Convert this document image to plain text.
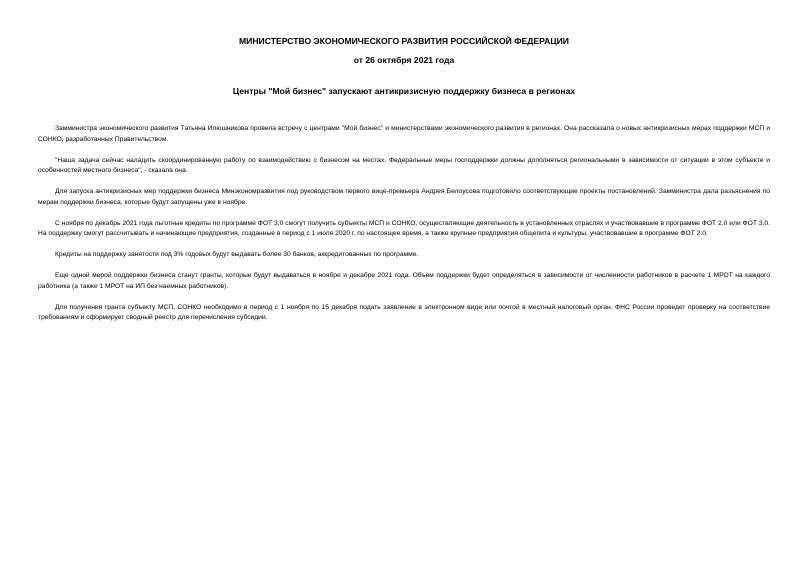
МИНИСТЕРСТВО ЭКОНОМИЧЕСКОГО РАЗВИТИЯ РОССИЙСКОЙ ФЕДЕРАЦИИ

от 26 октября 2021 года

Центры "Мой бизнес" запускают антикризисную поддержку бизнеса в регионах

Замминистра экономического развития Татьяна Илюшникова провела встречу с центрами "Мой бизнес" и министерствами экономического развития в регионах. Она рассказала о новых антикризисных мерах поддержки МСП и СОНКО, разработанных Правительством.

"Наша задача сейчас наладить скоординированную работу по взаимодействию с бизнесом на местах. Федеральные меры господдержки должны дополняться региональными в зависимости от ситуации в этом субъекте и особенностей местного бизнеса", - сказала она.

Для запуска антикризисных мер поддержки бизнеса Минэкономразвития под руководством первого вице-премьера Андрея Белоусова подготовило соответствующие проекты постановлений. Замминистра дала разъяснения по мерам поддержки бизнеса, которые будут запущены уже в ноябре.

С ноября по декабрь 2021 года льготные кредиты по программе ФОТ 3.0 смогут получить субъекты МСП и СОНКО, осуществляющие деятельность в установленных отраслях и участвовавшие в программе ФОТ 2.0 или ФОТ 3.0. На поддержку смогут рассчитывать и начинающие предприятия, созданные в период с 1 июля 2020 г. по настоящее время, а также крупные предприятия общепита и культуры, участвовавшие в программе ФОТ 2.0.

Кредиты на поддержку занятости под 3% годовых будут выдавать более 30 банков, аккредитованных по программе.

Еще одной мерой поддержки бизнеса станут гранты, которые будут выдаваться в ноябре и декабре 2021 года. Объем поддержки будет определяться в зависимости от численности работников в расчете 1 МРОТ на каждого работника (а также 1 МРОТ на ИП без наемных работников).

Для получения гранта субъекту МСП, СОНКО необходимо в период с 1 ноября по 15 декабря подать заявление в электронном виде или почтой в местный налоговый орган. ФНС России проведет проверку на соответствие требованиям и сформирует сводный реестр для перечисления субсидии.
